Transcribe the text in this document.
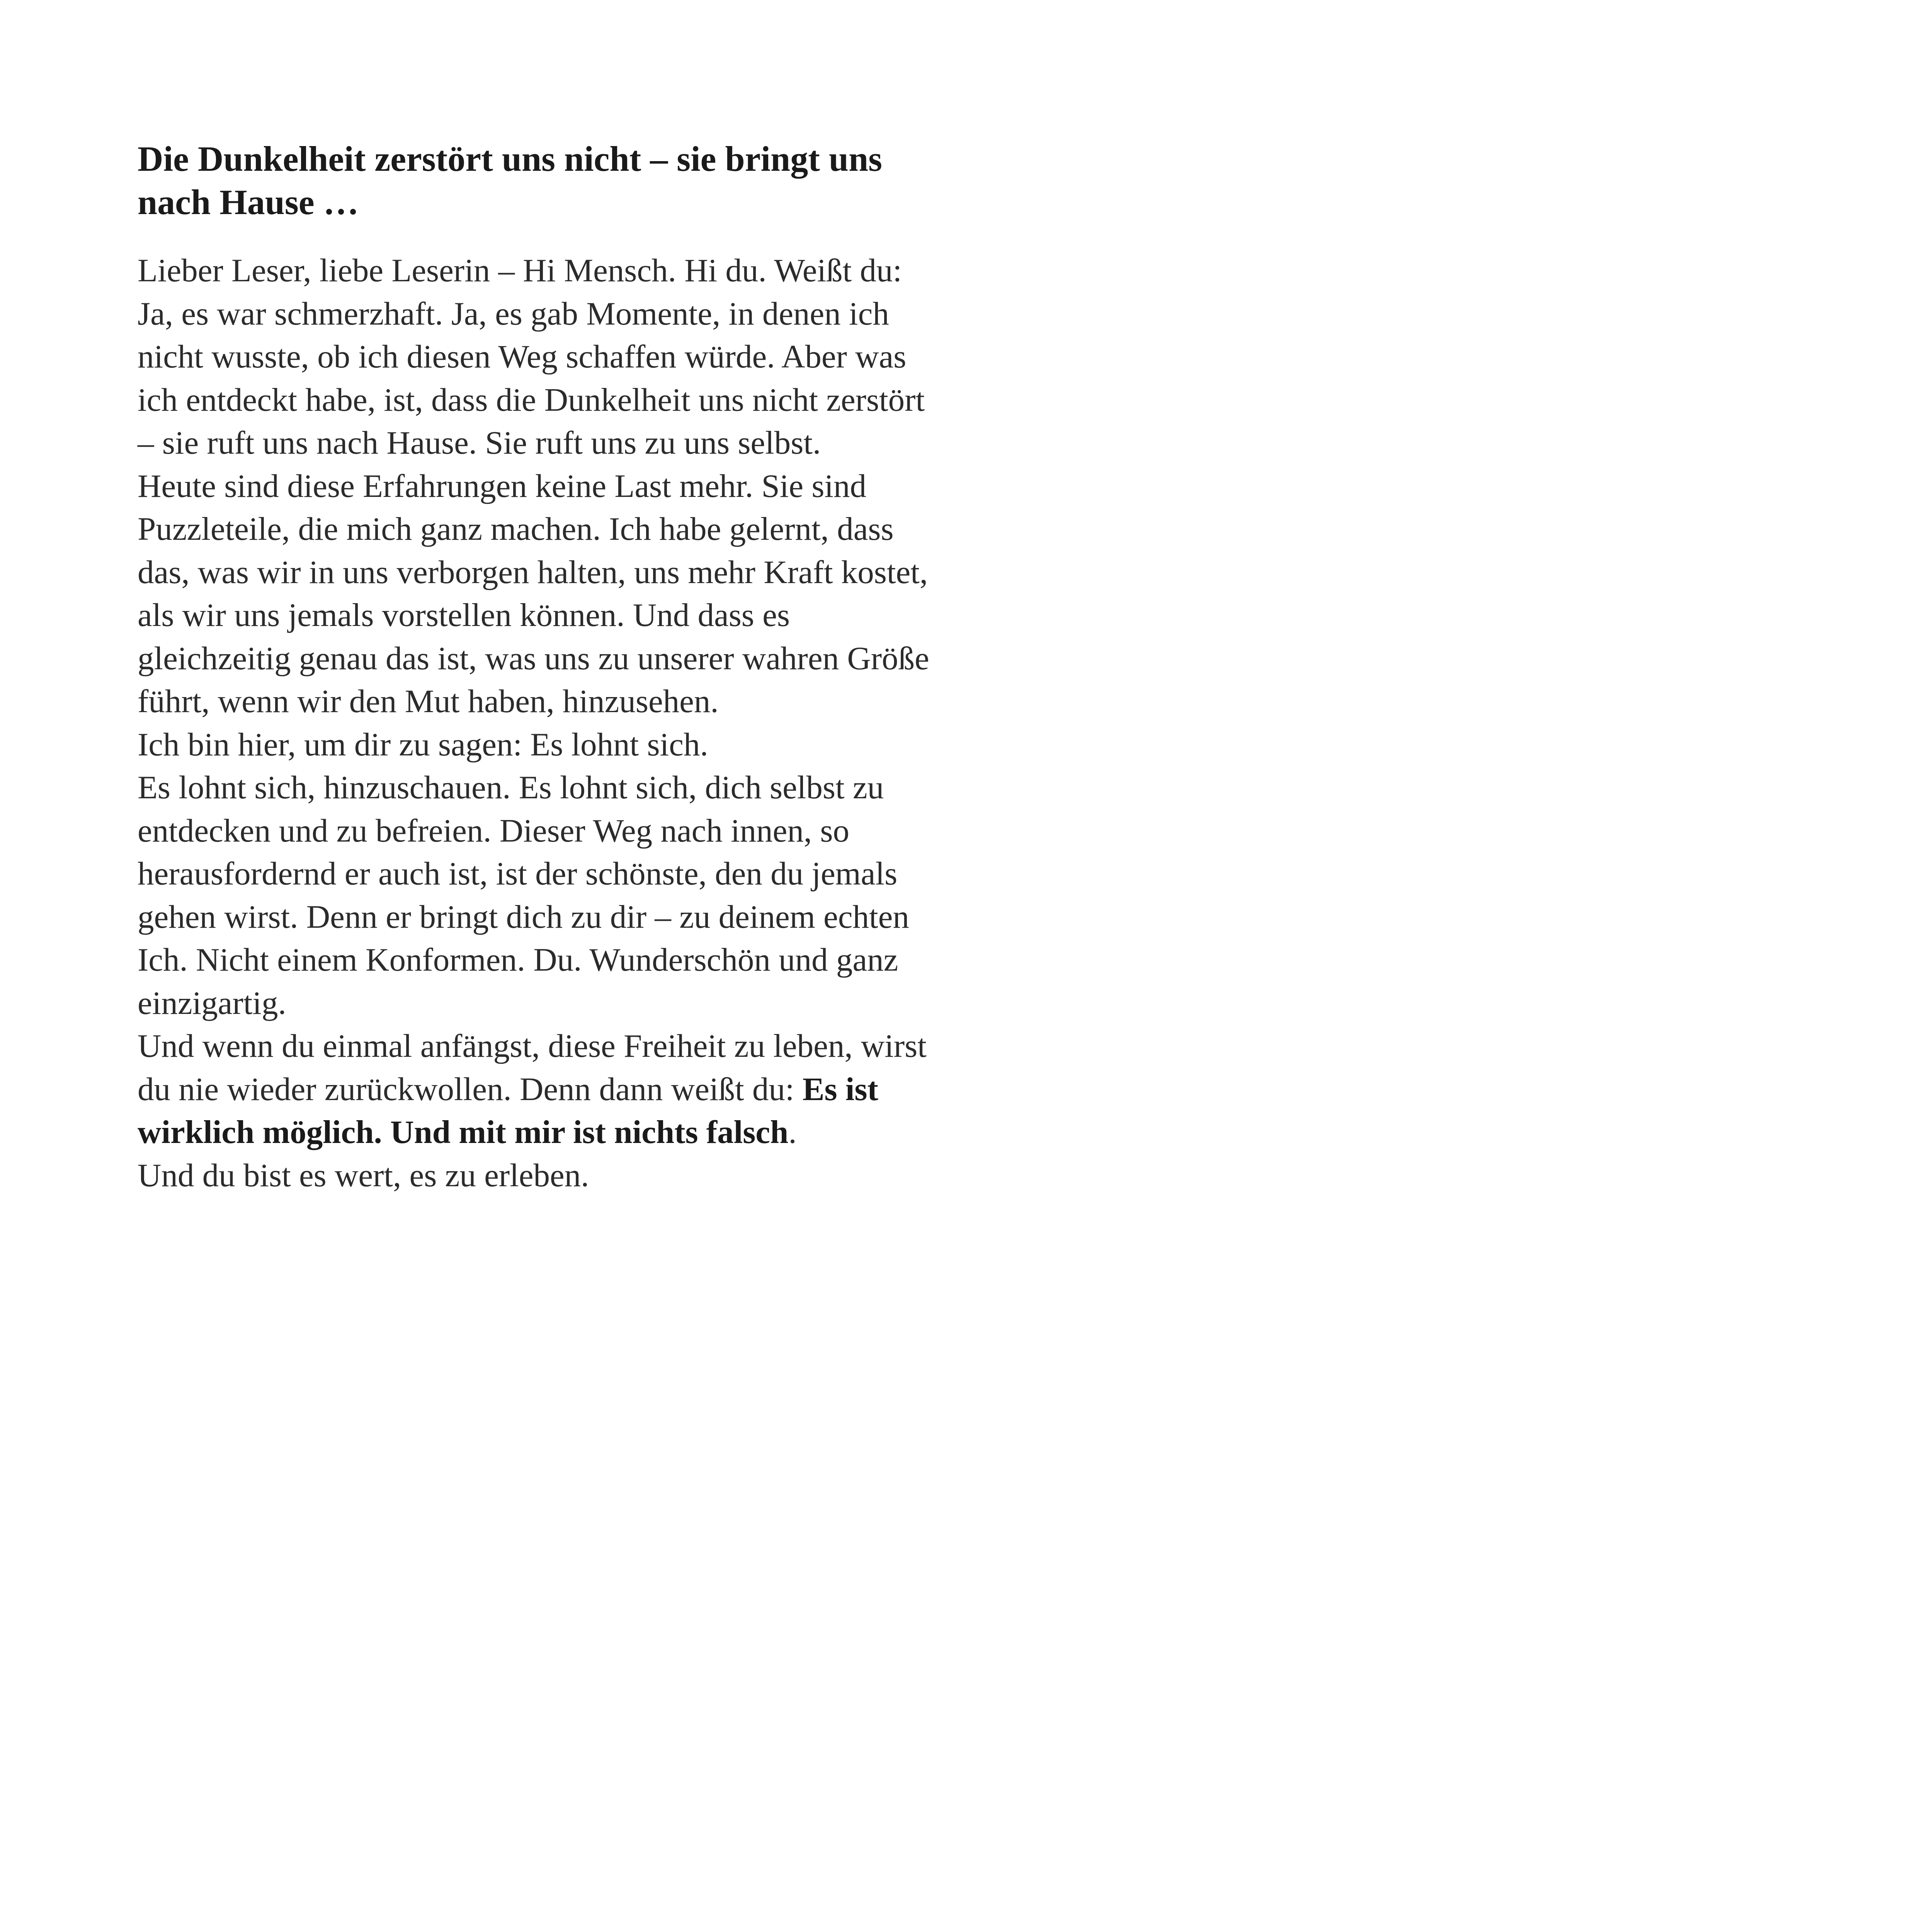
Die Dunkelheit zerstört uns nicht – sie bringt uns nach Hause …

Lieber Leser, liebe Leserin – Hi Mensch. Hi du. Weißt du: Ja, es war schmerzhaft. Ja, es gab Momente, in denen ich nicht wusste, ob ich diesen Weg schaffen würde. Aber was ich entdeckt habe, ist, dass die Dunkelheit uns nicht zerstört – sie ruft uns nach Hause. Sie ruft uns zu uns selbst.

Heute sind diese Erfahrungen keine Last mehr. Sie sind Puzzleteile, die mich ganz machen. Ich habe gelernt, dass das, was wir in uns verborgen halten, uns mehr Kraft kostet, als wir uns jemals vorstellen können. Und dass es gleichzeitig genau das ist, was uns zu unserer wahren Größe führt, wenn wir den Mut haben, hinzusehen.

Ich bin hier, um dir zu sagen: Es lohnt sich.

Es lohnt sich, hinzuschauen. Es lohnt sich, dich selbst zu entdecken und zu befreien. Dieser Weg nach innen, so herausfordernd er auch ist, ist der schönste, den du jemals gehen wirst. Denn er bringt dich zu dir – zu deinem echten Ich. Nicht einem Konformen. Du. Wunderschön und ganz einzigartig.

Und wenn du einmal anfängst, diese Freiheit zu leben, wirst du nie wieder zurückwollen. Denn dann weißt du: Es ist wirklich möglich. Und mit mir ist nichts falsch.

Und du bist es wert, es zu erleben.
